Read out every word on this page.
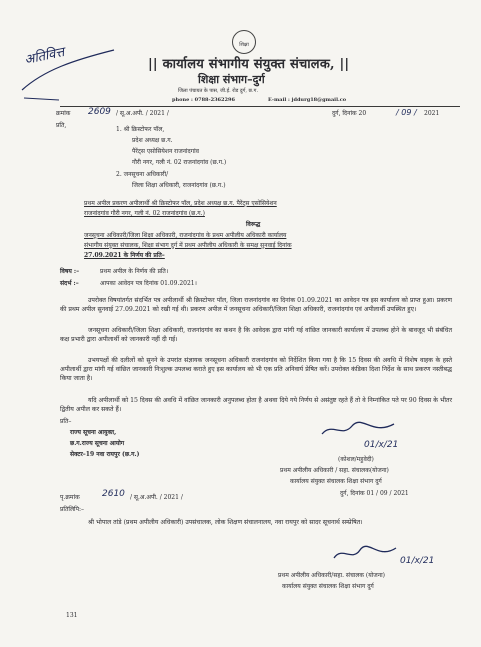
अतिवित्त	शिक्षा
|| कार्यालय संभागीय संयुक्त संचालक, ||
शिक्षा संभाग–दुर्ग
जिला पंचायत के पास, जी.ई. रोड दुर्ग, छ.ग.
phone : 0788-2362296	E-mail : jddurg18@gmail.co
क्रमांक 2609 / सू.अ.अपी. / 2021 /	दुर्ग, दिनांक 20	/ 09 / 2021
प्रति,
1. श्री क्रिस्टोफर पॉल,
प्रदेश अध्यक्ष छ.ग.
पैरेंट्स एसोसियेशन राजनांदगांव
गौरी नगर, गली नं. 02 राजनांदगांव (छ.ग.)
2. जनसूचना अधिकारी/
जिला शिक्षा अधिकारी, राजनांदगांव (छ.ग.)
प्रथम अपील प्रकरण अपीलार्थी श्री क्रिस्टोफर पॉल, प्रदेश अध्यक्ष छ.ग. पैरेंट्स एसोसियेशन
राजनांदगांव गौरी नगर, गली नं. 02 राजनांदगांव (छ.ग.)
विरूद्ध
जनसूचना अधिकारी/जिला शिक्षा अधिकारी, राजनांदगांव के प्रथम अपीलीय अधिकारी कार्यालय
संभागीय संयुक्त संचालक, शिक्षा संभाग दुर्ग में प्रथम अपीलीय अधिकारी के समक्ष सुनवाई दिनांक
27.09.2021 के निर्णय की प्रति–
विषय :–	प्रथम अपील के निर्णय की प्रति।
संदर्भ :–	आपका आवेदन पत्र दिनांक 01.09.2021।
उपरोक्त विषयांतर्गत संदर्भित पत्र अपीलार्थी श्री क्रिस्टोफर पॉल, जिला राजनांदगांव का दिनांक 01.09.2021 का आवेदन पत्र इस कार्यालय को प्राप्त हुआ। प्रकरण की प्रथम अपील सुनवाई 27.09.2021 को रखी गई थी। प्रकरण अपील में जनसूचना अधिकारी/जिला शिक्षा अधिकारी, राजनांदगांव एवं अपीलार्थी उपस्थित हुए।
जनसूचना अधिकारी/जिला शिक्षा अधिकारी, राजनांदगांव का कथन है कि आवेदक द्वारा मांगी गई वांछित जानकारी कार्यालय में उपलब्ध होने के बावजूद भी संबंधित कक्ष प्रभारी द्वारा अपीलार्थी को जानकारी नहीं दी गई।
उभयपक्षों की दलीलों को सुनने के उपरांत संज्ञायक जनसूचना अधिकारी राजनांदगांव को निर्देशित किया गया है कि 15 दिवस की अवधि में विशेष वाहक के हस्ते अपीलार्थी द्वारा मांगी गई वांछित जानकारी निःशुल्क उपलब्ध कराते हुए इस कार्यालय को भी एक प्रति अनिवार्य प्रेषित करें। उपरोक्त कंडिका दिशा निर्देश के साथ प्रकरण नस्तीबद्ध किया जाता है।
यदि अपीलार्थी को 15 दिवस की अवधि में वांछित जानकारी अनुपलब्ध होता है अथवा दिये गये निर्णय से असंतुष्ट रहते हैं तो वे निम्नांकित पते पर 90 दिवस के भीतर द्वितीय अपील कर सकते हैं।
प्रति–
राज्य सूचना आयुक्त,
छ.ग.राज्य सूचना आयोग
सेक्टर–19 नवा रायपुर (छ.ग.)
01/x/21
(कोशल/महुवेदी)
प्रथम अपीलीय अधिकारी / सहा. संचालक(योजना)
कार्यालय संयुक्त संचालक शिक्षा संभाग दुर्ग
दुर्ग, दिनांक 01 / 09 / 2021
पृ.क्रमांक 2610 / सू.अ.अपी. / 2021 /
प्रतिलिपि:–
श्री भोपाल तांडे (प्रथम अपीलीय अधिकारी) उपसंचालक, लोक शिक्षण संचालनालय, नवा रायपुर को सादर सूचनार्थ सम्प्रेषित।
01/x/21
प्रथम अपीलीय अधिकारी/सहा. संचालक (योजना)
कार्यालय संयुक्त संचालक शिक्षा संभाग दुर्ग
131
